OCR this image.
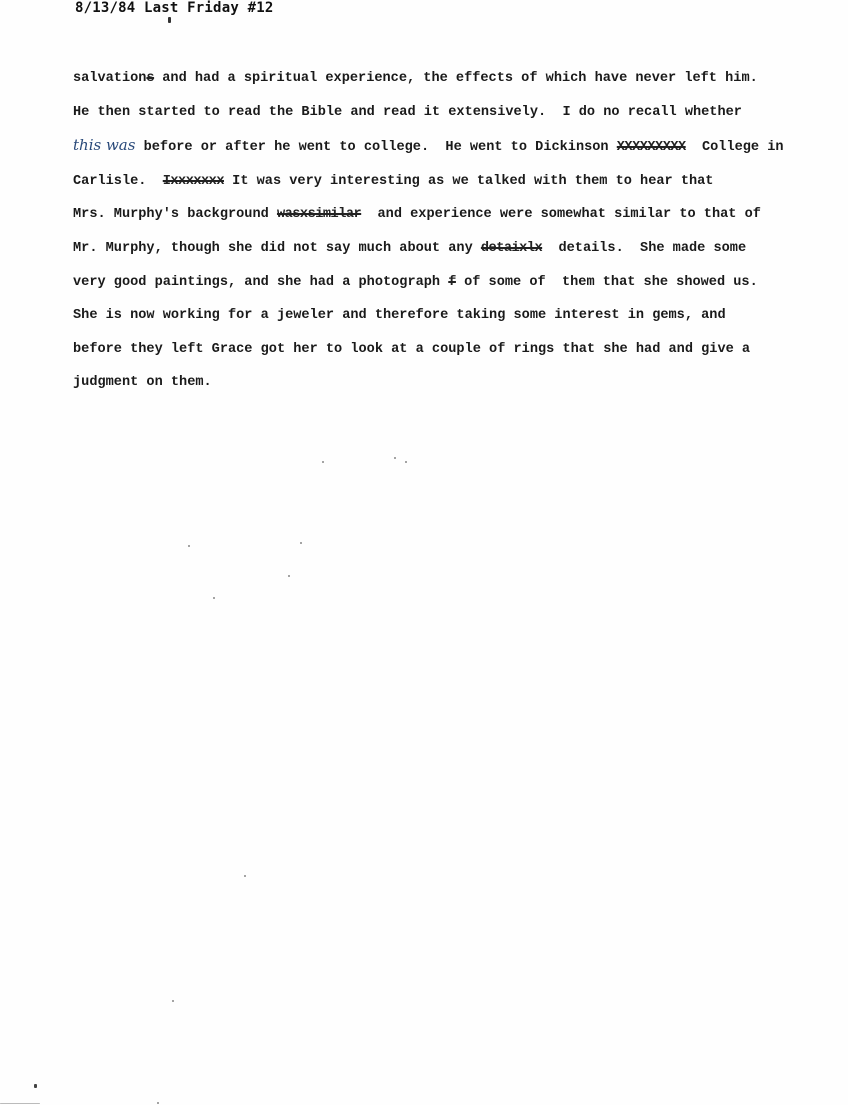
8/13/84 Last Friday #12
salvations and had a spiritual experience, the effects of which have never left him.
He then started to read the Bible and read it extensively.  I do no recall whether
this was before or after he went to college.  He went to Dickinson XXXXXXXXX  College in
Carlisle.  Ixxxxxxx It was very interesting as we talked with them to hear that
Mrs. Murphy's background wasxsimilar  and experience were somewhat similar to that of
Mr. Murphy, though she did not say much about any detaixlx  details.  She made some
very good paintings, and she had a photograph f of some of  them that she showed us.
She is now working for a jeweler and therefore taking some interest in gems, and
before they left Grace got her to look at a couple of rings that she had and give a
judgment on them.
